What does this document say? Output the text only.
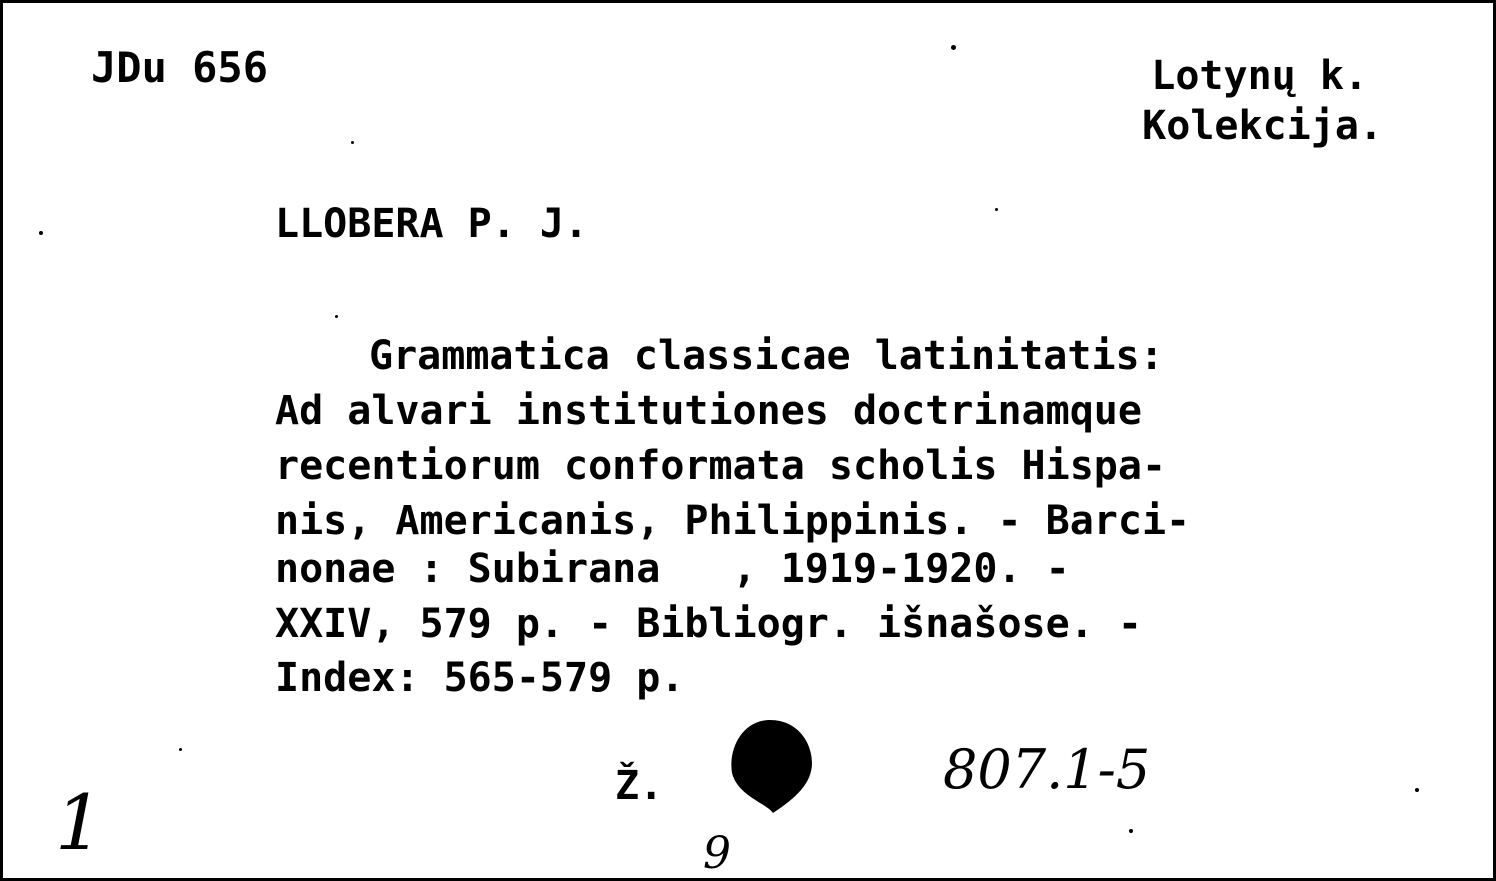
JDu 656	Lotynų k.
Kolekcija.
LLOBERA P. J.
Grammatica classicae latinitatis:
Ad alvari institutiones doctrinamque
recentiorum conformata scholis Hispa-
nis, Americanis, Philippinis. - Barci-
nonae : Subirana   , 1919-1920. -
XXIV, 579 p. - Bibliogr. išnašose. -
Index: 565-579 p.
Ž.	807.1-5
1	9
